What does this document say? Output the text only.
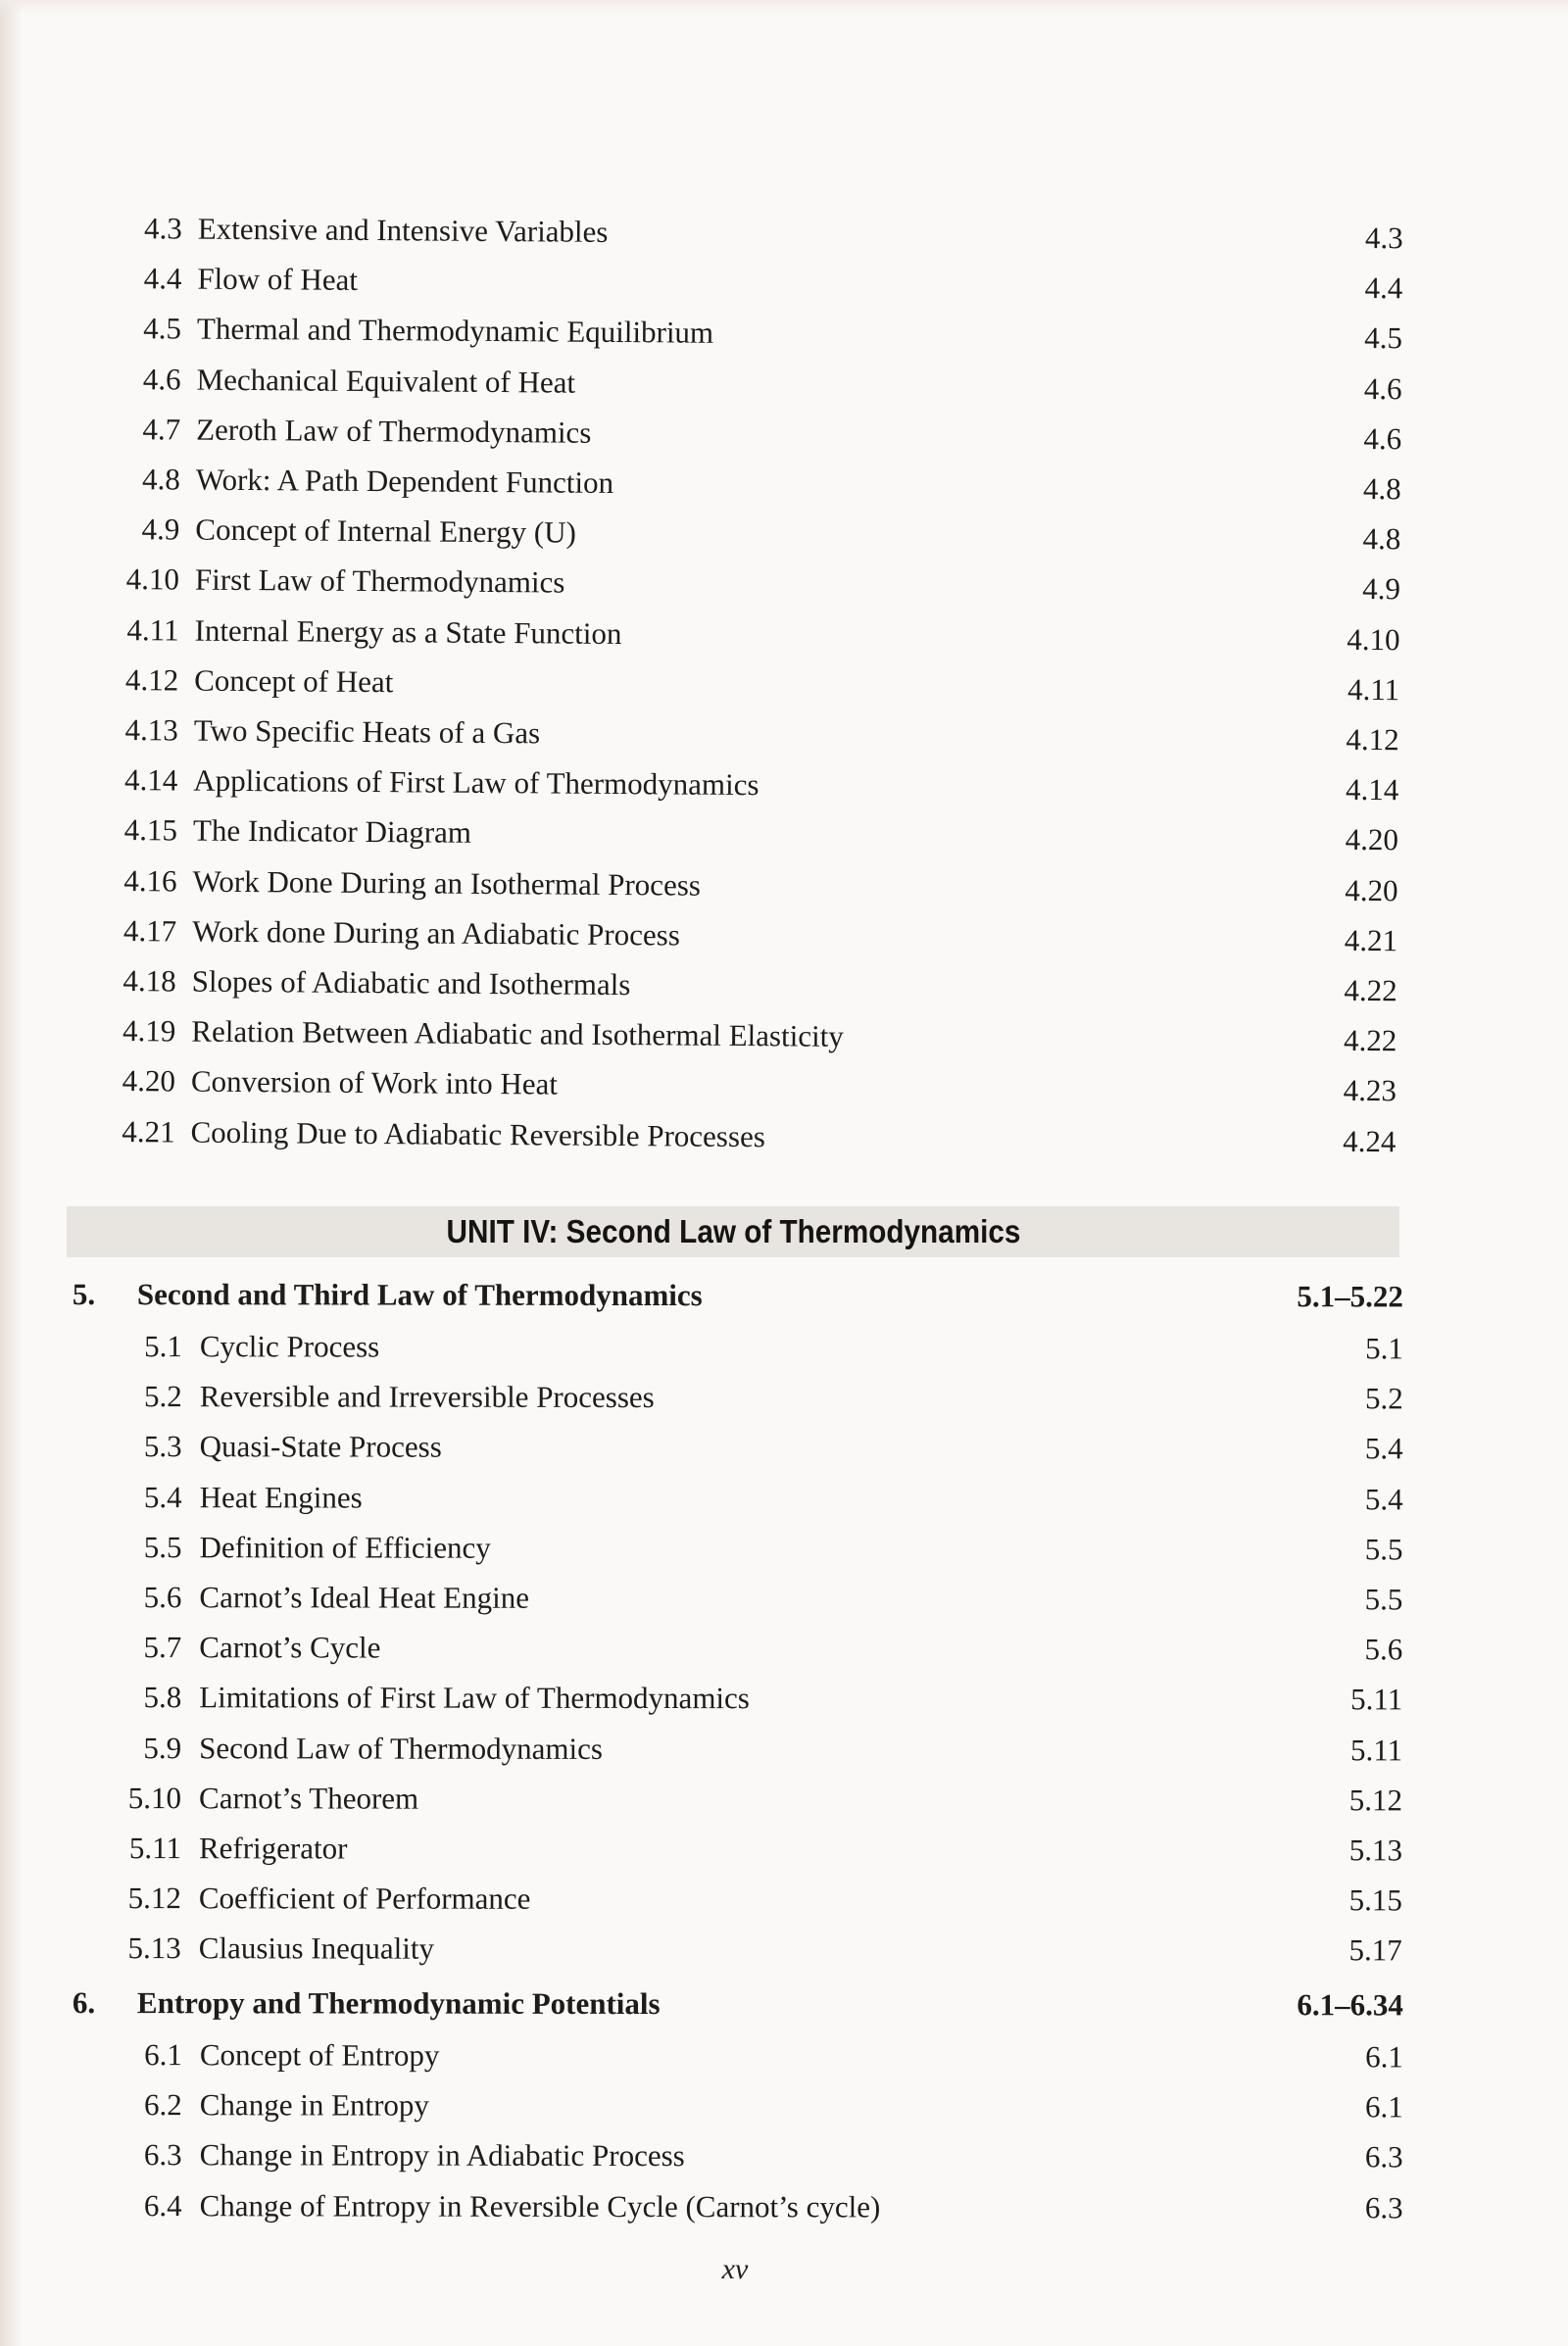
4.3 Extensive and Intensive Variables	4.3
4.4 Flow of Heat	4.4
4.5 Thermal and Thermodynamic Equilibrium	4.5
4.6 Mechanical Equivalent of Heat	4.6
4.7 Zeroth Law of Thermodynamics	4.6
4.8 Work: A Path Dependent Function	4.8
4.9 Concept of Internal Energy (U)	4.8
4.10 First Law of Thermodynamics	4.9
4.11 Internal Energy as a State Function	4.10
4.12 Concept of Heat	4.11
4.13 Two Specific Heats of a Gas	4.12
4.14 Applications of First Law of Thermodynamics	4.14
4.15 The Indicator Diagram	4.20
4.16 Work Done During an Isothermal Process	4.20
4.17 Work done During an Adiabatic Process	4.21
4.18 Slopes of Adiabatic and Isothermals	4.22
4.19 Relation Between Adiabatic and Isothermal Elasticity	4.22
4.20 Conversion of Work into Heat	4.23
4.21 Cooling Due to Adiabatic Reversible Processes	4.24
UNIT IV: Second Law of Thermodynamics
5.	Second and Third Law of Thermodynamics	5.1–5.22
5.1 Cyclic Process	5.1
5.2 Reversible and Irreversible Processes	5.2
5.3 Quasi-State Process	5.4
5.4 Heat Engines	5.4
5.5 Definition of Efficiency	5.5
5.6 Carnot’s Ideal Heat Engine	5.5
5.7 Carnot’s Cycle	5.6
5.8 Limitations of First Law of Thermodynamics	5.11
5.9 Second Law of Thermodynamics	5.11
5.10 Carnot’s Theorem	5.12
5.11 Refrigerator	5.13
5.12 Coefficient of Performance	5.15
5.13 Clausius Inequality	5.17
6.	Entropy and Thermodynamic Potentials	6.1–6.34
6.1 Concept of Entropy	6.1
6.2 Change in Entropy	6.1
6.3 Change in Entropy in Adiabatic Process	6.3
6.4 Change of Entropy in Reversible Cycle (Carnot’s cycle)	6.3
xv
